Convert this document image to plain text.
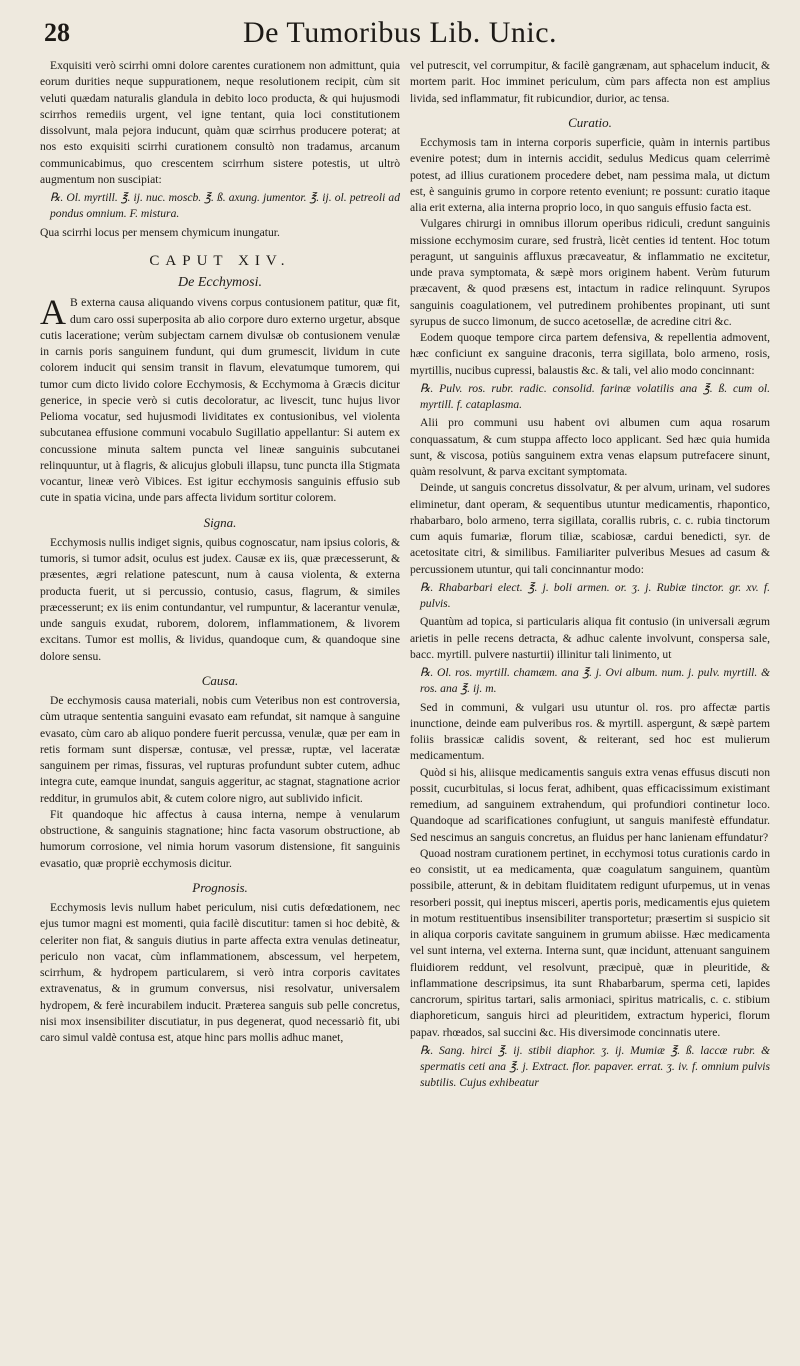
28	De Tumoribus Lib. Unic.

Exquisiti verò scirrhi omni dolore carentes curationem non admittunt, quia eorum durities neque suppurationem, neque resolutionem recipit, cùm sit veluti quædam naturalis glandula in debito loco producta, & qui hujusmodi scirrhos remediis urgent, vel igne tentant, quia loci constitutionem dissolvunt, mala pejora inducunt, quàm quæ scirrhus producere poterat; at nos esto exquisiti scirrhi curationem consultò non tradamus, arcanum communicabimus, quo crescentem scirrhum sistere potestis, ut ultrò augmentum non suscipiat:

℞. Ol. myrtill. ℥. ij. nuc. moscb. ℥. ß. axung. jumentor. ℥. ij. ol. petreoli ad pondus omnium. F. mistura.

Qua scirrhi locus per mensem chymicum inungatur.

CAPUT XIV.
De Ecchymosi.

A B externa causa aliquando vivens corpus contusionem patitur, quæ fit, dum caro ossi superposita ab alio corpore duro externo urgetur, absque cutis laceratione; verùm subjectam carnem divulsæ ob contusionem venulæ in carnis poris sanguinem fundunt, qui dum grumescit, lividum in cute colorem inducit qui sensim transit in flavum, elevatumque tumorem, qui tumor cum dicto livido colore Ecchymosis, & Ecchymoma à Græcis dicitur generice, in specie verò si cutis decoloratur, ac livescit, tunc hujus livor Pelioma vocatur, sed hujusmodi lividitates ex contusionibus, vel violenta subcutanea effusione communi vocabulo Sugillatio appellantur: Si autem ex concussione minuta saltem puncta vel lineæ sanguinis subcutanei relinquuntur, ut à flagris, & alicujus globuli illapsu, tunc puncta illa Stigmata vocantur, lineæ verò Vibices. Est igitur ecchymosis sanguinis effusio sub cute in spatia vicina, unde pars affecta lividum sortitur colorem.

Signa.

Ecchymosis nullis indiget signis, quibus cognoscatur, nam ipsius coloris, & tumoris, si tumor adsit, oculus est judex. Causæ ex iis, quæ præcesserunt, & præsentes, ægri relatione patescunt, num à causa violenta, & externa producta fuerit, ut si percussio, contusio, casus, flagrum, & similes præcesserunt; ex iis enim contundantur, vel rumpuntur, & lacerantur venulæ, unde sanguis exudat, ruborem, dolorem, inflammationem, & livorem excitans. Tumor est mollis, & lividus, quandoque cum, & quandoque sine dolore sensu.

Causa.

De ecchymosis causa materiali, nobis cum Veteribus non est controversia, cùm utraque sententia sanguini evasato eam refundat, sit namque à sanguine evasato, cùm caro ab aliquo pondere fuerit percussa, venulæ, quæ per eam in retis formam sunt dispersæ, contusæ, vel pressæ, ruptæ, vel laceratæ sanguinem per rimas, fissuras, vel rupturas profundunt subter cutem, adhuc integra cute, eamque inundat, sanguis aggeritur, ac stagnat, stagnatione acrior redditur, in grumulos abit, & cutem colore nigro, aut sublivido inficit.

Fit quandoque hic affectus à causa interna, nempe à venularum obstructione, & sanguinis stagnatione; hinc facta vasorum obstructione, ab humorum corrosione, vel nimia horum vasorum distensione, fit sanguinis evasatio, quæ propriè ecchymosis dicitur.

Prognosis.

Ecchymosis levis nullum habet periculum, nisi cutis defœdationem, nec ejus tumor magni est momenti, quia facilè discutitur: tamen si hoc debitè, & celeriter non fiat, & sanguis diutius in parte affecta extra venulas detineatur, periculo non vacat, cùm inflammationem, abscessum, vel herpetem, scirrhum, & hydropem particularem, si verò intra corporis cavitates extravenatus, & in grumum conversus, nisi resolvatur, universalem hydropem, & ferè incurabilem inducit. Præterea sanguis sub pelle concretus, nisi mox insensibiliter discutiatur, in pus degenerat, quod necessariò fit, ubi caro simul valdè contusa est, atque hinc pars mollis adhuc manet,

vel putrescit, vel corrumpitur, & facilè gangrænam, aut sphacelum inducit, & mortem parit. Hoc imminet periculum, cùm pars affecta non est amplius livida, sed inflammatur, fit rubicundior, durior, ac tensa.

Curatio.

Ecchymosis tam in interna corporis superficie, quàm in internis partibus evenire potest; dum in internis accidit, sedulus Medicus quam celerrimè potest, ad illius curationem procedere debet, nam pessima mala, ut dictum est, è sanguinis grumo in corpore retento eveniunt; re possunt: curatio itaque alia erit externa, alia interna proprio loco, in quo sanguis effusio facta est.

Vulgares chirurgi in omnibus illorum operibus ridiculi, credunt sanguinis missione ecchymosim curare, sed frustrà, licèt centies id tentent. Hoc totum peragunt, ut sanguinis affluxus præcaveatur, & inflammatio ne excitetur, unde prava symptomata, & sæpè mors originem habent. Verùm futurum præcavent, & quod præsens est, intactum in radice relinquunt. Syrupos sanguinis coagulationem, vel putredinem prohibentes propinant, uti sunt syrupus de succo limonum, de succo acetosellæ, de acredine citri &c.

Eodem quoque tempore circa partem defensiva, & repellentia admovent, hæc conficiunt ex sanguine draconis, terra sigillata, bolo armeno, rosis, myrtillis, nucibus cupressi, balaustis &c. & tali, vel alio modo concinnant:

℞. Pulv. ros. rubr. radic. consolid. farinæ volatilis ana ℥. ß. cum ol. myrtill. f. cataplasma.

Alii pro communi usu habent ovi albumen cum aqua rosarum conquassatum, & cum stuppa affecto loco applicant. Sed hæc quia humida sunt, & viscosa, potiùs sanguinem extra venas elapsum putrefacere sinunt, quàm resolvunt, & parva excitant symptomata.

Deinde, ut sanguis concretus dissolvatur, & per alvum, urinam, vel sudores eliminetur, dant operam, & sequentibus utuntur medicamentis, rhapontico, rhabarbaro, bolo armeno, terra sigillata, corallis rubris, c. c. rubia tinctorum cum aquis fumariæ, florum tiliæ, scabiosæ, cardui benedicti, syr. de acetositate citri, & similibus. Familiariter pulveribus Mesues ad casum & percussionem utuntur, qui tali concinnantur modo:

℞. Rhabarbari elect. ℥. j. boli armen. or. ʒ. j. Rubiæ tinctor. gr. xv. f. pulvis.

Quantùm ad topica, si particularis aliqua fit contusio (in universali ægrum arietis in pelle recens detracta, & adhuc calente involvunt, conspersa sale, bacc. myrtill. pulvere nasturtii) illinitur tali linimento, ut

℞. Ol. ros. myrtill. chamæm. ana ℥. j. Ovi album. num. j. pulv. myrtill. & ros. ana ℥. ij. m.

Sed in communi, & vulgari usu utuntur ol. ros. pro affectæ partis inunctione, deinde eam pulveribus ros. & myrtill. aspergunt, & sæpè partem foliis brassicæ calidis sovent, & reiterant, sed hoc est mulierum medicamentum.

Quòd si his, aliisque medicamentis sanguis extra venas effusus discuti non possit, cucurbitulas, si locus ferat, adhibent, quas efficacissimum existimant remedium, ad sanguinem extrahendum, qui profundiori continetur loco. Quandoque ad scarificationes confugiunt, ut sanguis manifestè effundatur. Sed nescimus an sanguis concretus, an fluidus per hanc lanienam effundatur?

Quoad nostram curationem pertinet, in ecchymosi totus curationis cardo in eo consistit, ut ea medicamenta, quæ coagulatum sanguinem, quantùm possibile, atterunt, & in debitam fluiditatem redigunt ufurpemus, ut in venas resorberi possit, qui ineptus misceri, apertis poris, medicamentis ejus quietem in motum restituentibus insensibiliter transportetur; præsertim si suspicio sit in aliqua corporis cavitate sanguinem in grumum abiisse. Hæc medicamenta vel sunt interna, vel externa. Interna sunt, quæ incidunt, attenuant sanguinem fluidiorem reddunt, vel resolvunt, præcipuè, quæ in pleuritide, & inflammatione descripsimus, ita sunt Rhabarbarum, sperma ceti, lapides cancrorum, spiritus tartari, salis armoniaci, spiritus matricalis, c. c. stibium diaphoreticum, sanguis hirci ad pleuritidem, extractum hyperici, florum papav. rhœados, sal succini &c. His diversimode concinnatis utere.

℞. Sang. hirci ℥. ij. stibii diaphor. ʒ. ij. Mumiæ ℥. ß. laccæ rubr. & spermatis ceti ana ℥. j. Extract. flor. papaver. errat. ʒ. iv. f. omnium pulvis subtilis. Cujus exhibeatur
